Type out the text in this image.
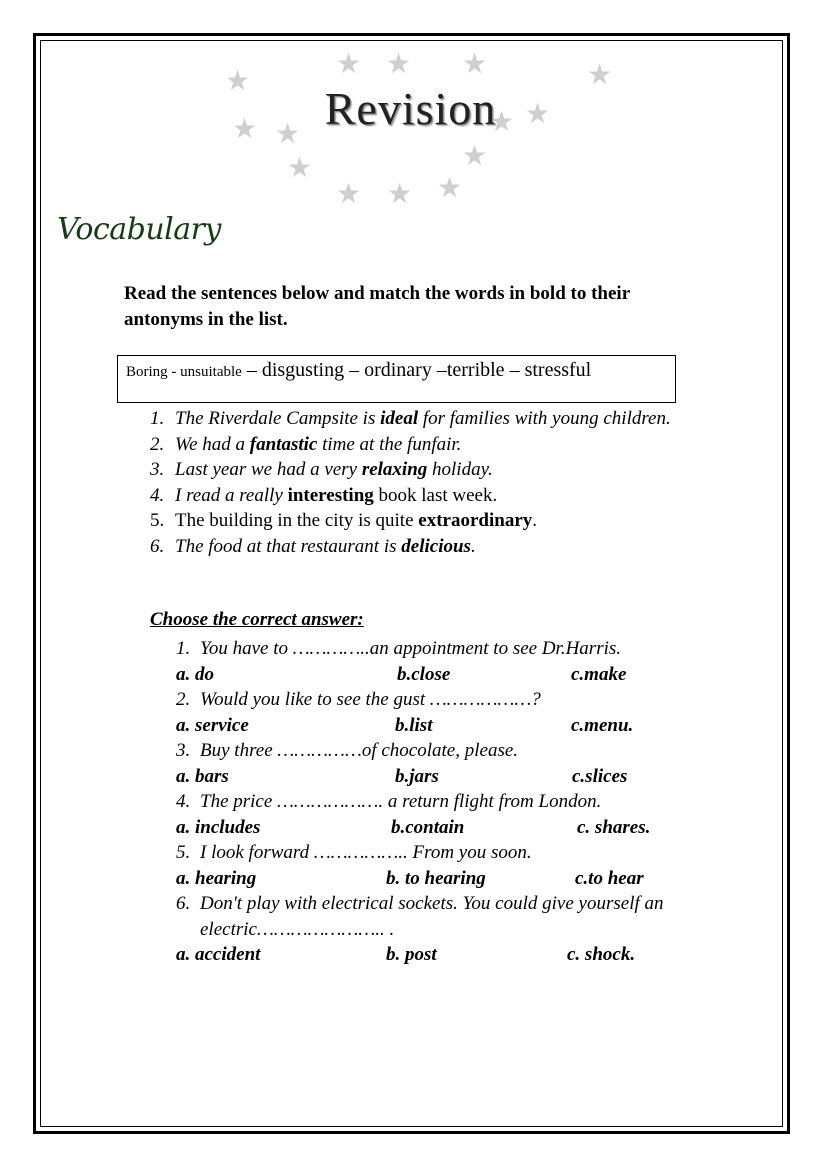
★ ★ ★	★
★
★
★
★ ★
★
★
★
★ ★
Revision
Vocabulary

Read the sentences below and match the words in bold to their antonyms in the list.

Boring - unsuitable – disgusting – ordinary –terrible – stressful
1. The Riverdale Campsite is ideal for families with young children.
2. We had a fantastic time at the funfair.
3. Last year we had a very relaxing holiday.
4. I read a really interesting book last week.
5. The building in the city is quite extraordinary.
6. The food at that restaurant is delicious.

Choose the correct answer:

1. You have to …………..an appointment to see Dr.Harris.
a. do	b.close	c.make
2. Would you like to see the gust ………………?
a. service	b.list	c.menu.
3. Buy three ……………of chocolate, please.
a. bars	b.jars	c.slices
4. The price ………………. a return flight from London.
a. includes	b.contain	c. shares.
5. I look forward …………….. From you soon.
a. hearing	b. to hearing	c.to hear
6. Don't play with electrical sockets. You could give yourself an electric………………….. .
a. accident	b. post	c. shock.
